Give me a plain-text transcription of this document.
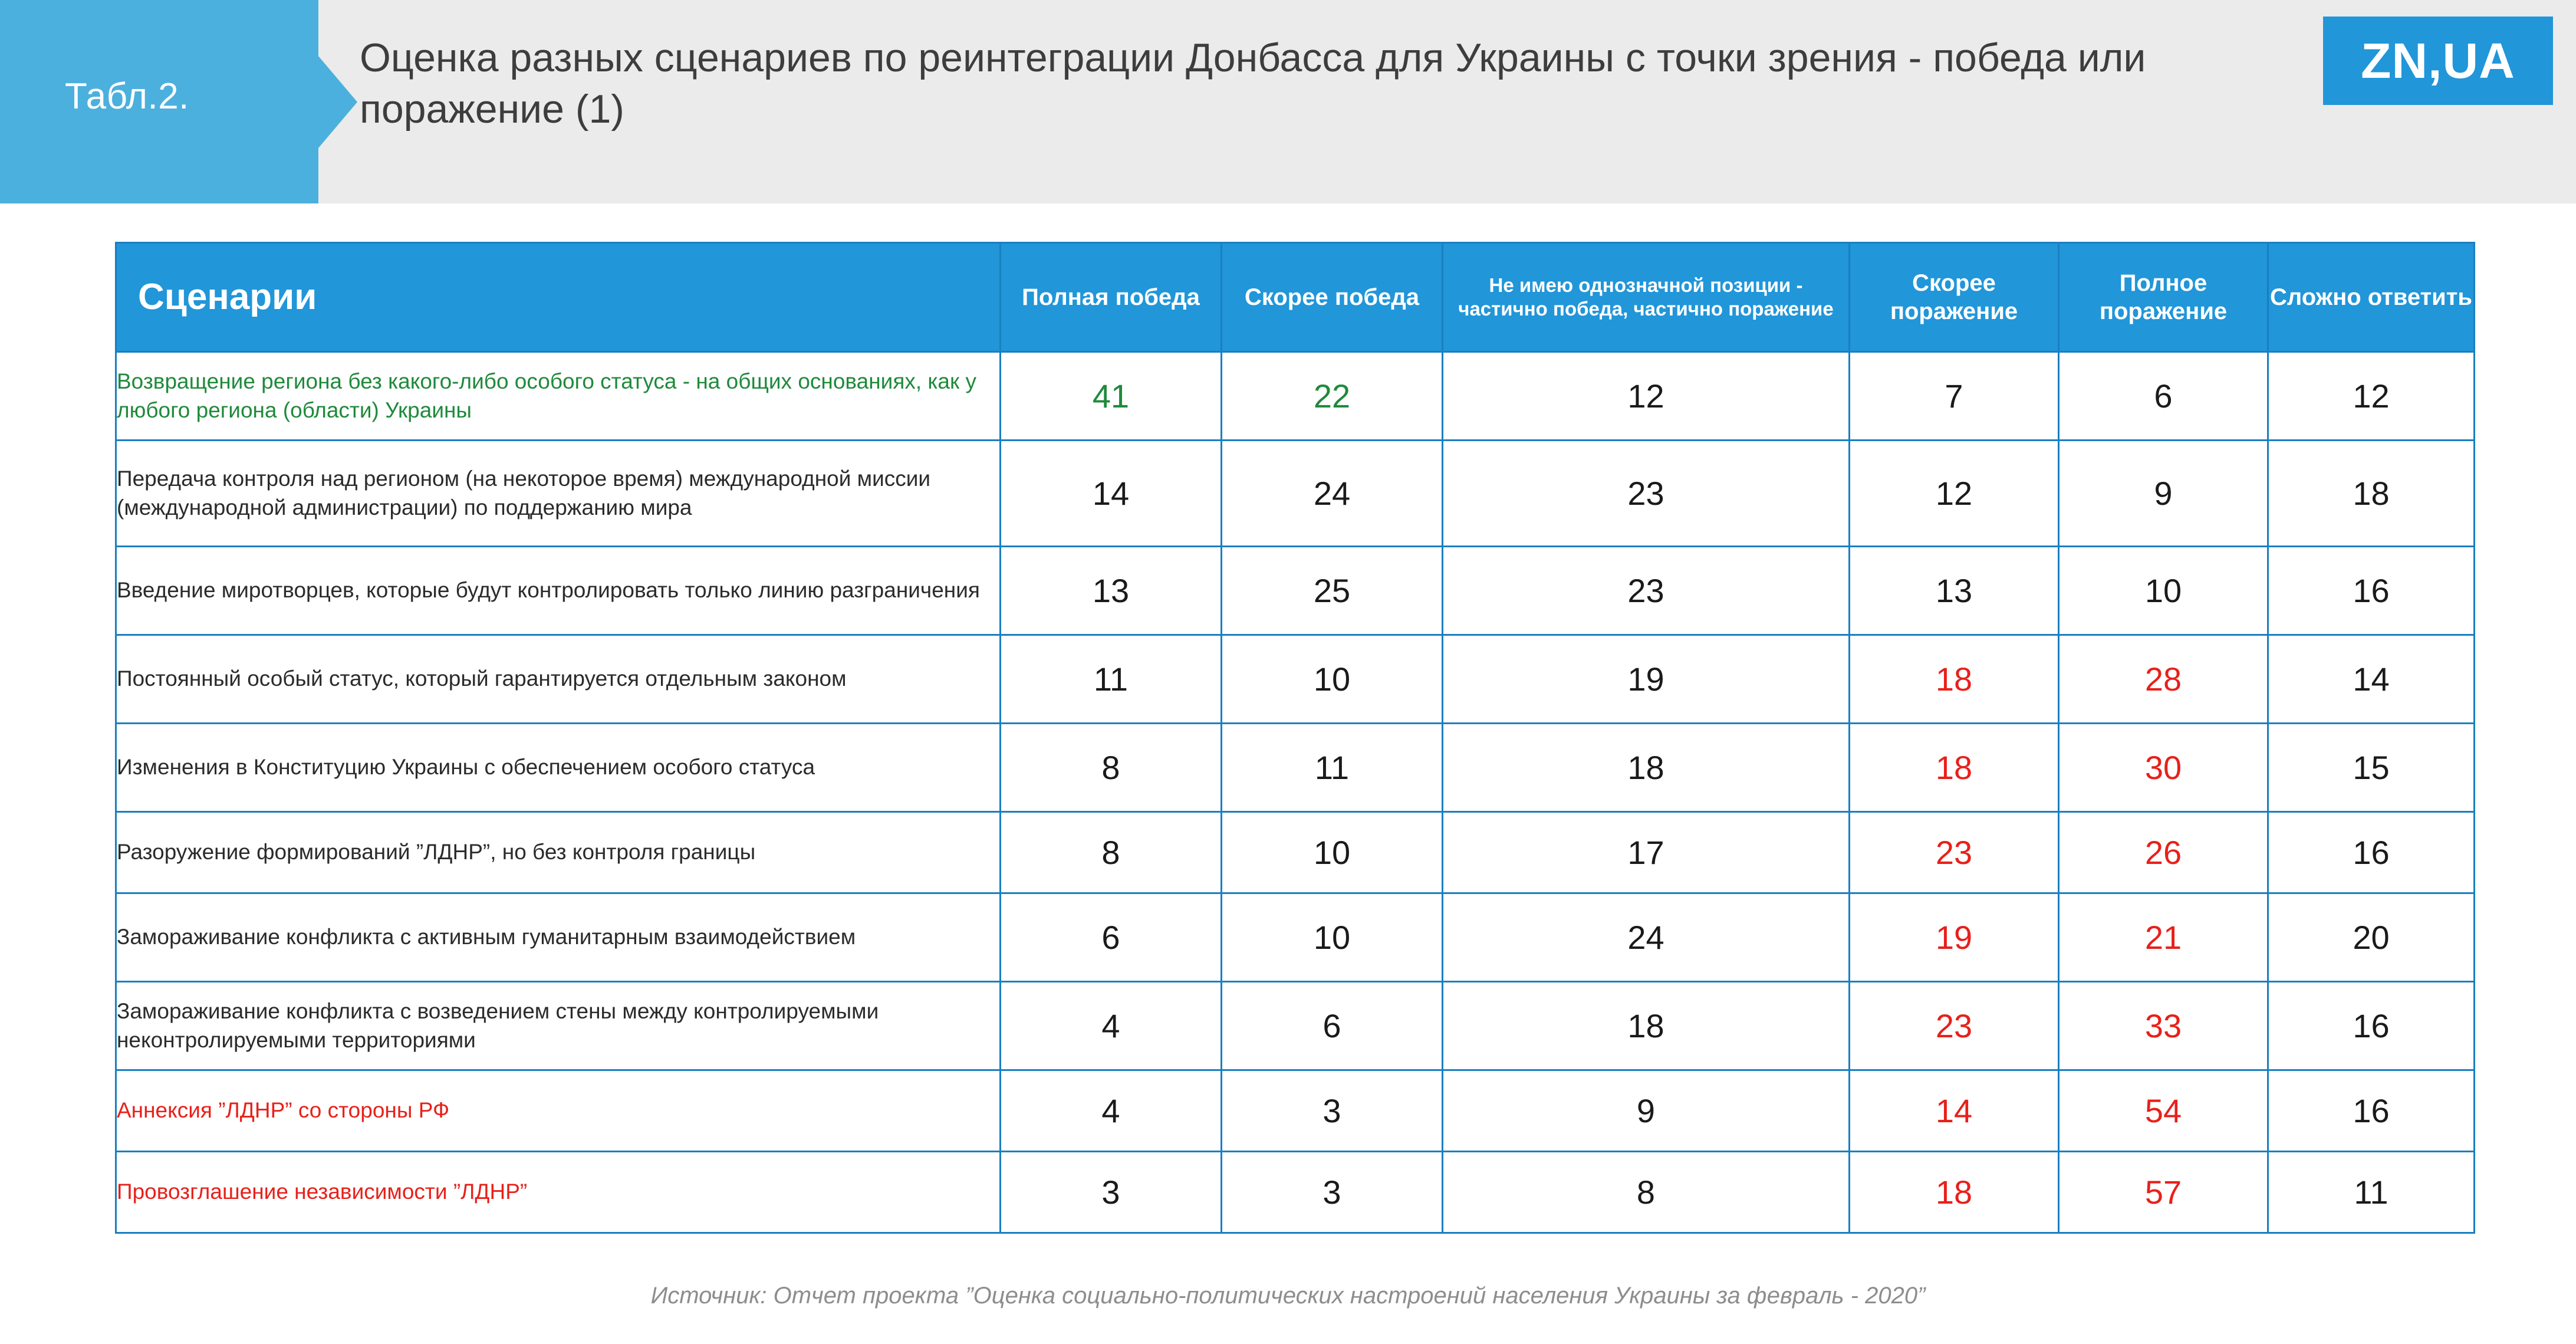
Табл.2.
Оценка разных сценариев по реинтеграции Донбасса для Украины с точки зрения - победа или поражение (1)
ZN,UA
Сценарии	Полная победа	Скорее победа	Не имею однозначной позиции - частично победа, частично поражение	Скорее поражение	Полное поражение	Сложно ответить
Возвращение региона без какого-либо особого статуса - на общих основаниях, как у любого региона (области) Украины	41	22	12	7	6	12
Передача контроля над регионом (на некоторое время) международной миссии (международной администрации) по поддержанию мира	14	24	23	12	9	18
Введение миротворцев, которые будут контролировать только линию разграничения	13	25	23	13	10	16
Постоянный особый статус, который гарантируется отдельным законом	11	10	19	18	28	14
Изменения в Конституцию Украины с обеспечением особого статуса	8	11	18	18	30	15
Разоружение формирований ”ЛДНР”, но без контроля границы	8	10	17	23	26	16
Замораживание конфликта с активным гуманитарным взаимодействием	6	10	24	19	21	20
Замораживание конфликта с возведением стены между контролируемыми неконтролируемыми территориями	4	6	18	23	33	16
Аннексия ”ЛДНР” со стороны РФ	4	3	9	14	54	16
Провозглашение независимости ”ЛДНР”	3	3	8	18	57	11
Источник: Отчет проекта ”Оценка социально-политических настроений населения Украины за февраль - 2020”
